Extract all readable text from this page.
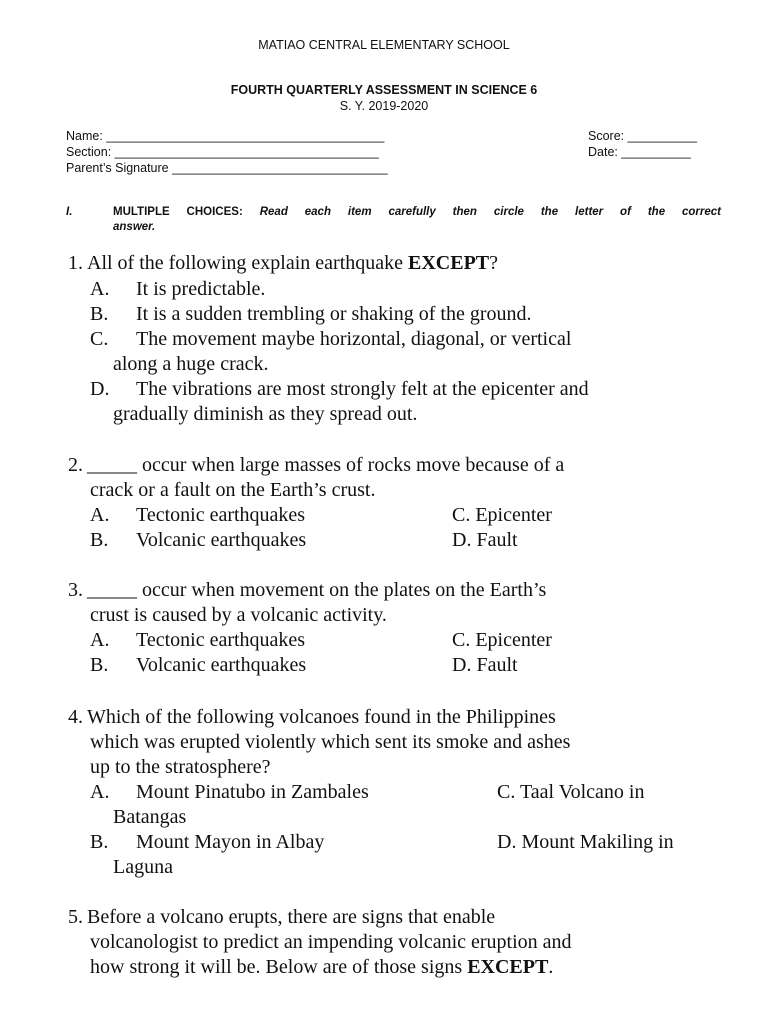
MATIAO CENTRAL ELEMENTARY SCHOOL
FOURTH QUARTERLY ASSESSMENT IN SCIENCE 6
S. Y. 2019-2020
Name: ________________________________________
Section: ______________________________________
Parent’s Signature _______________________________
Score: __________
Date: __________
I.	MULTIPLE CHOICES: Read each item carefully then circle the letter of the correct
answer.
1. All of the following explain earthquake EXCEPT?
A. It is predictable.
B. It is a sudden trembling or shaking of the ground.
C. The movement maybe horizontal, diagonal, or vertical
along a huge crack.
D. The vibrations are most strongly felt at the epicenter and
gradually diminish as they spread out.
2. _____ occur when large masses of rocks move because of a
crack or a fault on the Earth’s crust.
A. Tectonic earthquakes	C. Epicenter
B. Volcanic earthquakes	D. Fault
3. _____ occur when movement on the plates on the Earth’s
crust is caused by a volcanic activity.
A. Tectonic earthquakes	C. Epicenter
B. Volcanic earthquakes	D. Fault
4. Which of the following volcanoes found in the Philippines
which was erupted violently which sent its smoke and ashes
up to the stratosphere?
A. Mount Pinatubo in Zambales	C. Taal Volcano in
Batangas
B. Mount Mayon in Albay	D. Mount Makiling in
Laguna
5. Before a volcano erupts, there are signs that enable
volcanologist to predict an impending volcanic eruption and
how strong it will be. Below are of those signs EXCEPT.
